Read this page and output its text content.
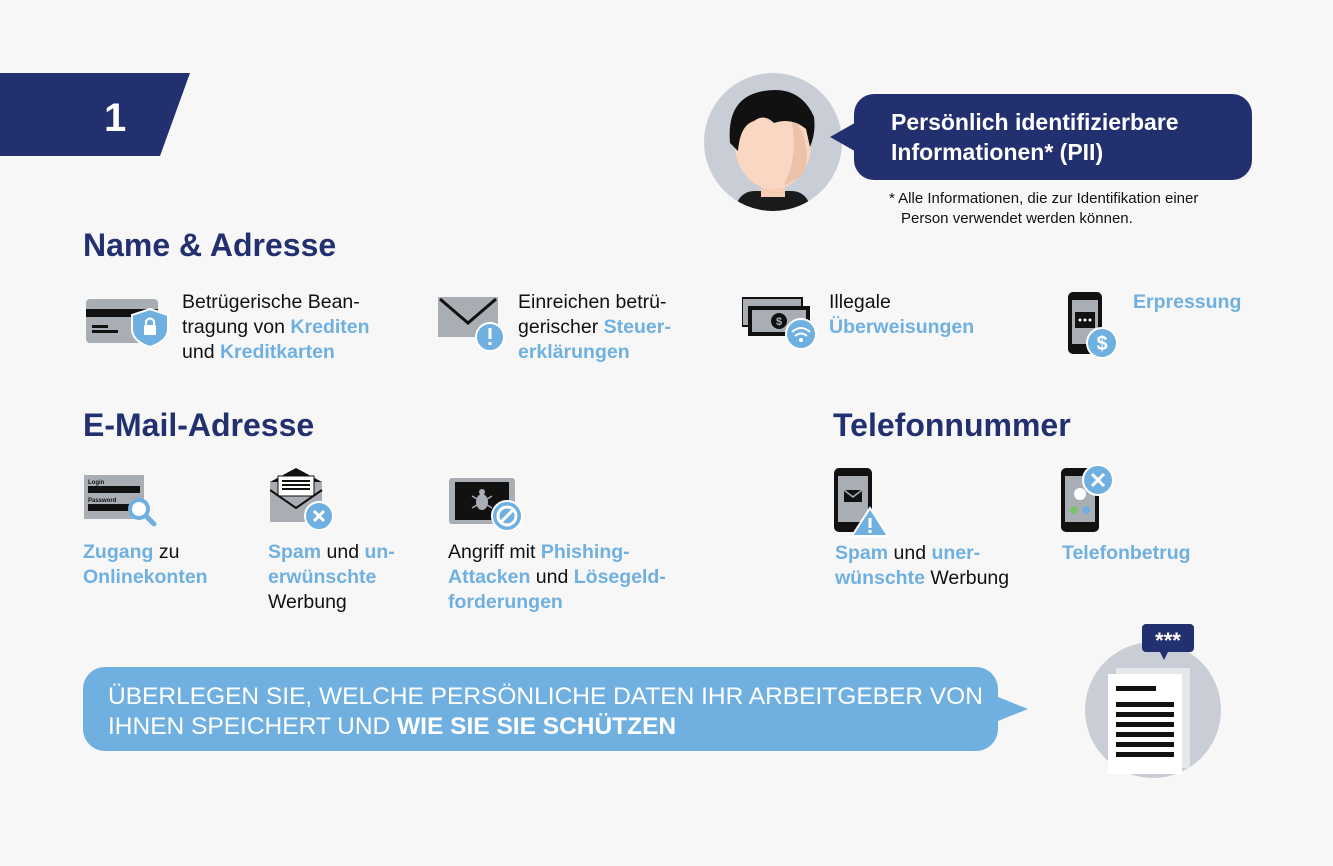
1	Persönlich identifizierbare
Informationen* (PII)
* Alle Informationen, die zur Identifikation einer
Person verwendet werden können.
Name & Adresse
Betrügerische Bean-
tragung von Krediten
und Kreditkarten
Einreichen betrü-
gerischer Steuer-
erklärungen
$
Illegale
Überweisungen
$
Erpressung
E-Mail-Adresse
Login
Password
Zugang zu
Onlinekonten
Spam und un-
erwünschte
Werbung
Angriff mit Phishing-
Attacken und Lösegeld-
forderungen
Telefonnummer
Spam und uner-
wünschte Werbung
Telefonbetrug
ÜBERLEGEN SIE, WELCHE PERSÖNLICHE DATEN IHR ARBEITGEBER VON
IHNEN SPEICHERT UND WIE SIE SIE SCHÜTZEN
***
